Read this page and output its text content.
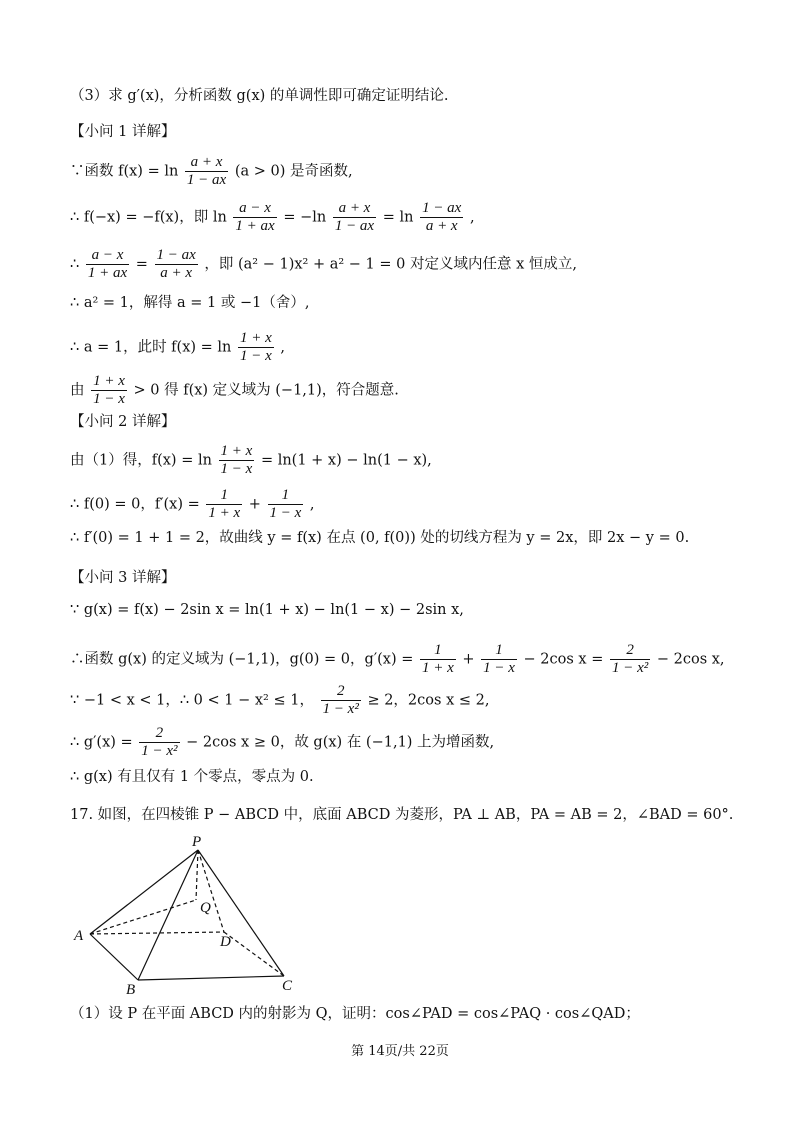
（3）求 g′(x)，分析函数 g(x) 的单调性即可确定证明结论.
【小问 1 详解】
∵函数 $f(x) = \ln \frac{a + x}{1 - ax} (a > 0)$ 是奇函数,
∴ f(−x) = −f(x)，即 $\ln \frac{a - x}{1 + ax} = -\ln \frac{a + x}{1 - ax} = \ln \frac{1 - ax}{a + x}$ ,
∴ $\frac{a - x}{1 + ax} = \frac{1 - ax}{a + x}$ ，即 (a² − 1)x² + a² − 1 = 0 对定义域内任意 x 恒成立,
∴ a² = 1，解得 a = 1 或 −1（舍）,
∴ a = 1，此时 $f(x) = \ln \frac{1 + x}{1 - x}$ ,
由 $\frac{1 + x}{1 - x} > 0$ 得 f(x) 定义域为 (−1,1)，符合题意.
【小问 2 详解】
由（1）得，$f(x) = \ln \frac{1 + x}{1 - x} = \ln(1 + x) - \ln(1 - x)$,
∴ f(0) = 0，$f'(x) = \frac{1}{1 + x} + \frac{1}{1 - x}$ ,
∴ f′(0) = 1 + 1 = 2，故曲线 y = f(x) 在点 (0, f(0)) 处的切线方程为 y = 2x，即 2x − y = 0.
【小问 3 详解】
∵ g(x) = f(x) − 2sin x = ln(1 + x) − ln(1 − x) − 2sin x,
∴函数 g(x) 的定义域为 (−1,1)，g(0) = 0，$g'(x) = \frac{1}{1 + x} + \frac{1}{1 - x} - 2\cos$ $x = \frac{2}{\text{1 − x²}} - 2\cos$ x,
∵ −1 < x < 1，∴ 0 < 1 − x² ≤ 1， $\frac{2}{\text{1 − x²}} \ge 2$，2cos x ≤ 2,
∴ $g'(x) = \frac{2}{\text{1 − x²}} - 2\cos$ x ≥ 0，故 g(x) 在 (−1,1) 上为增函数,
∴ g(x) 有且仅有 1 个零点，零点为 0.
17. 如图，在四棱锥 P − ABCD 中，底面 ABCD 为菱形，PA ⊥ AB，PA = AB = 2，∠BAD = 60°.
P
Q
A	D
B	C
（1）设 P 在平面 ABCD 内的射影为 Q，证明：cos∠PAD = cos∠PAQ · cos∠QAD；
第 14页/共 22页
